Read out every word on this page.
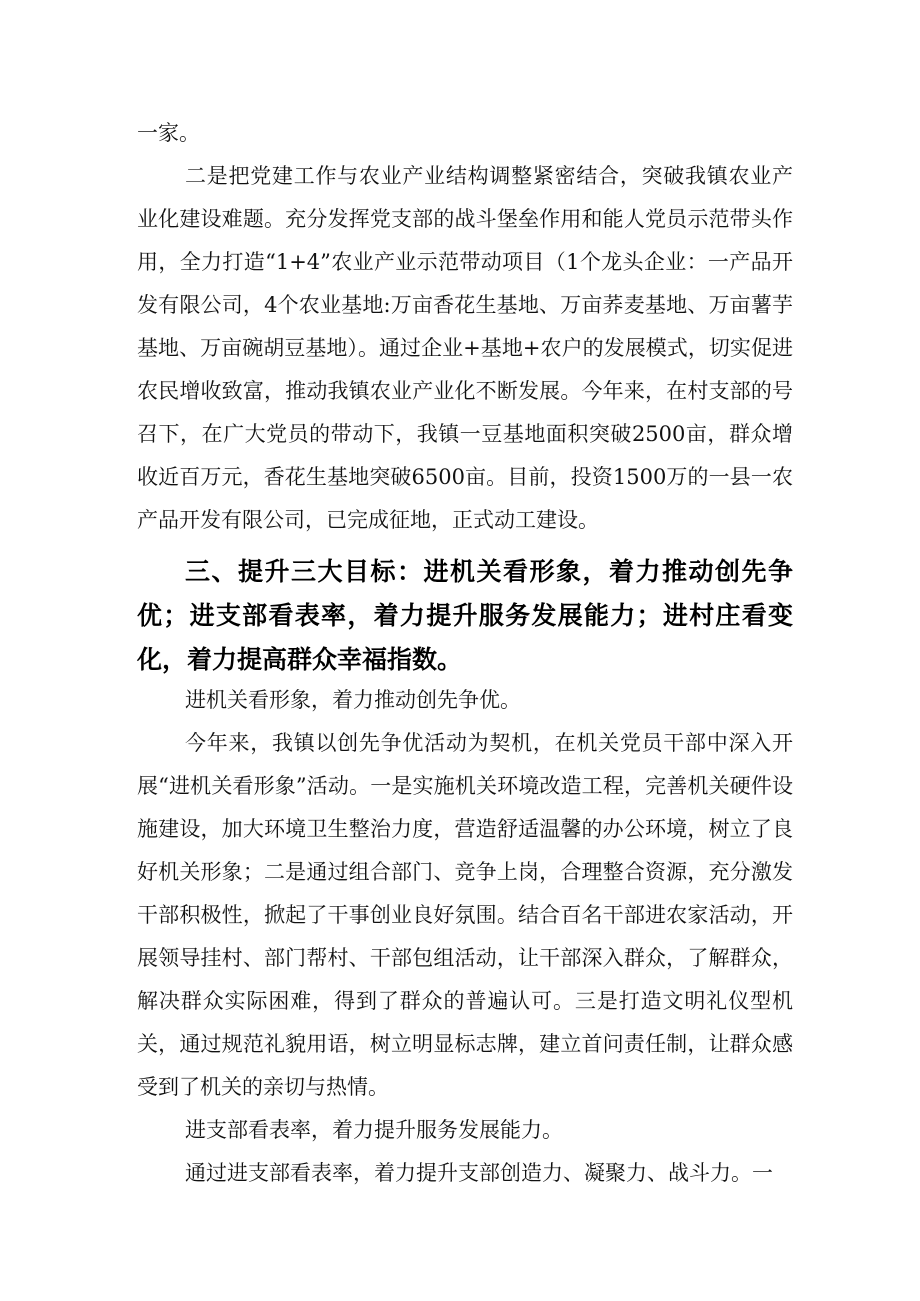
一家。

二是把党建工作与农业产业结构调整紧密结合，突破我镇农业产业化建设难题。充分发挥党支部的战斗堡垒作用和能人党员示范带头作用，全力打造“1+4”农业产业示范带动项目（1个龙头企业：一产品开发有限公司，4个农业基地:万亩香花生基地、万亩荞麦基地、万亩薯芋基地、万亩碗胡豆基地）。通过企业+基地+农户的发展模式，切实促进农民增收致富，推动我镇农业产业化不断发展。今年来，在村支部的号召下，在广大党员的带动下，我镇一豆基地面积突破2500亩，群众增收近百万元，香花生基地突破6500亩。目前，投资1500万的一县一农产品开发有限公司，已完成征地，正式动工建设。

三、提升三大目标：进机关看形象，着力推动创先争优；进支部看表率，着力提升服务发展能力；进村庄看变化，着力提高群众幸福指数。

进机关看形象，着力推动创先争优。

今年来，我镇以创先争优活动为契机，在机关党员干部中深入开展“进机关看形象”活动。一是实施机关环境改造工程，完善机关硬件设施建设，加大环境卫生整治力度，营造舒适温馨的办公环境，树立了良好机关形象；二是通过组合部门、竞争上岗，合理整合资源，充分激发干部积极性，掀起了干事创业良好氛围。结合百名干部进农家活动，开展领导挂村、部门帮村、干部包组活动，让干部深入群众，了解群众，解决群众实际困难，得到了群众的普遍认可。三是打造文明礼仪型机关，通过规范礼貌用语，树立明显标志牌，建立首问责任制，让群众感受到了机关的亲切与热情。

进支部看表率，着力提升服务发展能力。

通过进支部看表率，着力提升支部创造力、凝聚力、战斗力。一
